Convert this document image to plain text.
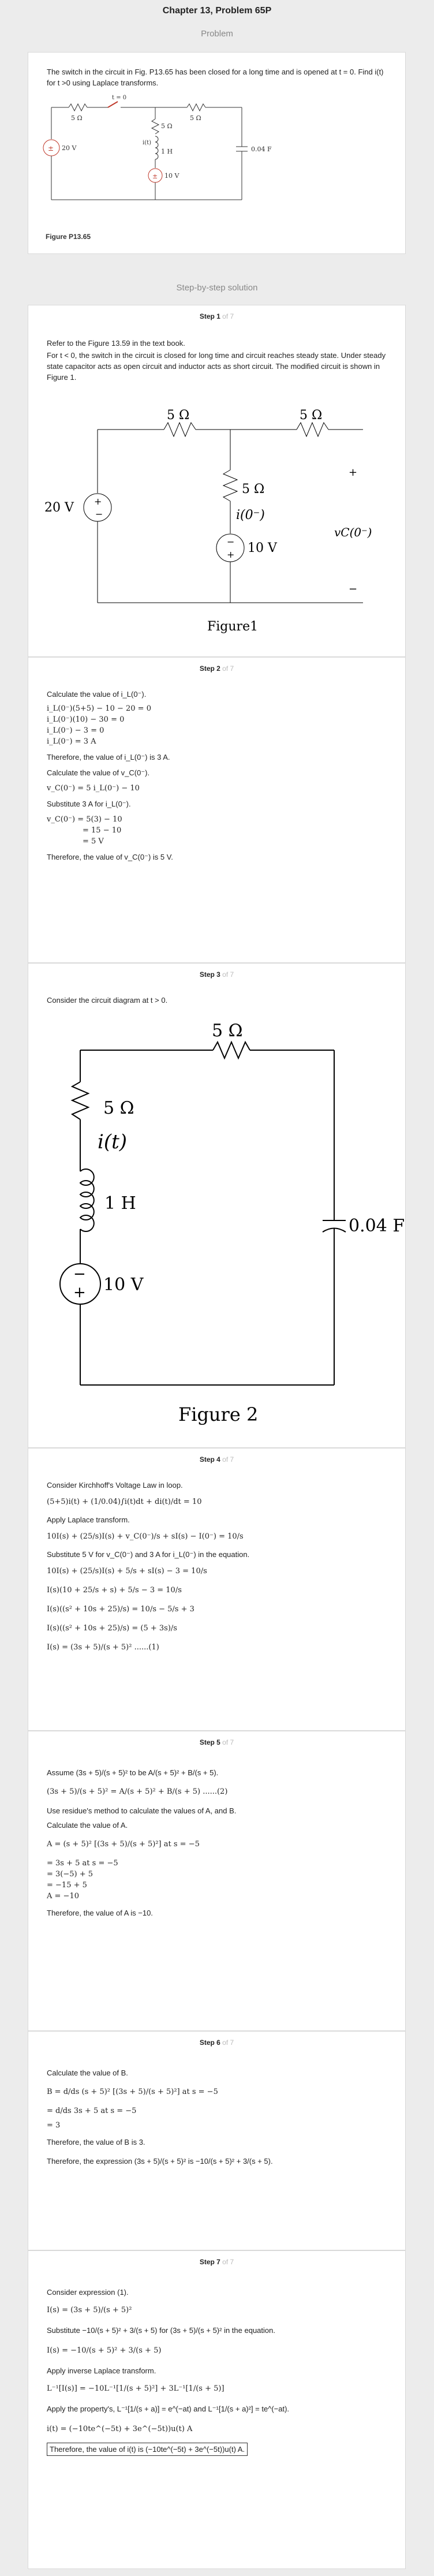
Chapter 13, Problem 65P
Problem

The switch in the circuit in Fig. P13.65 has been closed for a long time and is opened at t = 0. Find i(t) for t >0 using Laplace transforms.

5 Ω	5 Ω
t = 0
± 20 V
5 Ω
i(t)
1 H
± 10 V
0.04 F
Figure P13.65
Step-by-step solution
Step 1 of 7

Refer to the Figure 13.59 in the text book.

For t < 0, the switch in the circuit is closed for long time and circuit reaches steady state. Under steady state capacitor acts as open circuit and inductor acts as short circuit. The modified circuit is shown in Figure 1.

5 Ω	5 Ω
+
−
20 V
5 Ω
i(0⁻)
−
+ 10 V
+
vC(0⁻)
−
Figure1
Step 2 of 7

Calculate the value of i_L(0⁻).

i_L(0⁻)(5+5) − 10 − 20 = 0
i_L(0⁻)(10) − 30 = 0
i_L(0⁻) − 3 = 0
i_L(0⁻) = 3 A

Therefore, the value of i_L(0⁻) is 3 A.

Calculate the value of v_C(0⁻).

v_C(0⁻) = 5 i_L(0⁻) − 10

Substitute 3 A for i_L(0⁻).

v_C(0⁻) = 5(3) − 10
= 15 − 10
= 5 V

Therefore, the value of v_C(0⁻) is 5 V.

Step 3 of 7

Consider the circuit diagram at t > 0.

5 Ω
5 Ω
i(t)
1 H
−
+ 10 V
0.04 F
Figure 2
Step 4 of 7

Consider Kirchhoff's Voltage Law in loop.

(5+5)i(t) + (1/0.04)∫i(t)dt + di(t)/dt = 10

Apply Laplace transform.

10I(s) + (25/s)I(s) + v_C(0⁻)/s + sI(s) − I(0⁻) = 10/s

Substitute 5 V for v_C(0⁻) and 3 A for i_L(0⁻) in the equation.

10I(s) + (25/s)I(s) + 5/s + sI(s) − 3 = 10/s
I(s)(10 + 25/s + s) + 5/s − 3 = 10/s
I(s)((s² + 10s + 25)/s) = 10/s − 5/s + 3
I(s)((s² + 10s + 25)/s) = (5 + 3s)/s
I(s) = (3s + 5)/(s + 5)² ......(1)
Step 5 of 7

Assume (3s + 5)/(s + 5)² to be A/(s + 5)² + B/(s + 5).

(3s + 5)/(s + 5)² = A/(s + 5)² + B/(s + 5) ......(2)

Use residue's method to calculate the values of A, and B.

Calculate the value of A.

A = (s + 5)² [(3s + 5)/(s + 5)²] at s = −5
= 3s + 5 at s = −5
= 3(−5) + 5
= −15 + 5
A = −10

Therefore, the value of A is −10.

Step 6 of 7

Calculate the value of B.

B = d/ds (s + 5)² [(3s + 5)/(s + 5)²] at s = −5
= d/ds 3s + 5 at s = −5
= 3

Therefore, the value of B is 3.

Therefore, the expression (3s + 5)/(s + 5)² is −10/(s + 5)² + 3/(s + 5).

Step 7 of 7

Consider expression (1).

I(s) = (3s + 5)/(s + 5)²

Substitute −10/(s + 5)² + 3/(s + 5) for (3s + 5)/(s + 5)² in the equation.

I(s) = −10/(s + 5)² + 3/(s + 5)

Apply inverse Laplace transform.

L⁻¹[I(s)] = −10L⁻¹[1/(s + 5)²] + 3L⁻¹[1/(s + 5)]

Apply the property's, L⁻¹[1/(s + a)] = e^(−at) and L⁻¹[1/(s + a)²] = te^(−at).

i(t) = (−10te^(−5t) + 3e^(−5t))u(t) A

Therefore, the value of i(t) is (−10te^(−5t) + 3e^(−5t))u(t) A.
